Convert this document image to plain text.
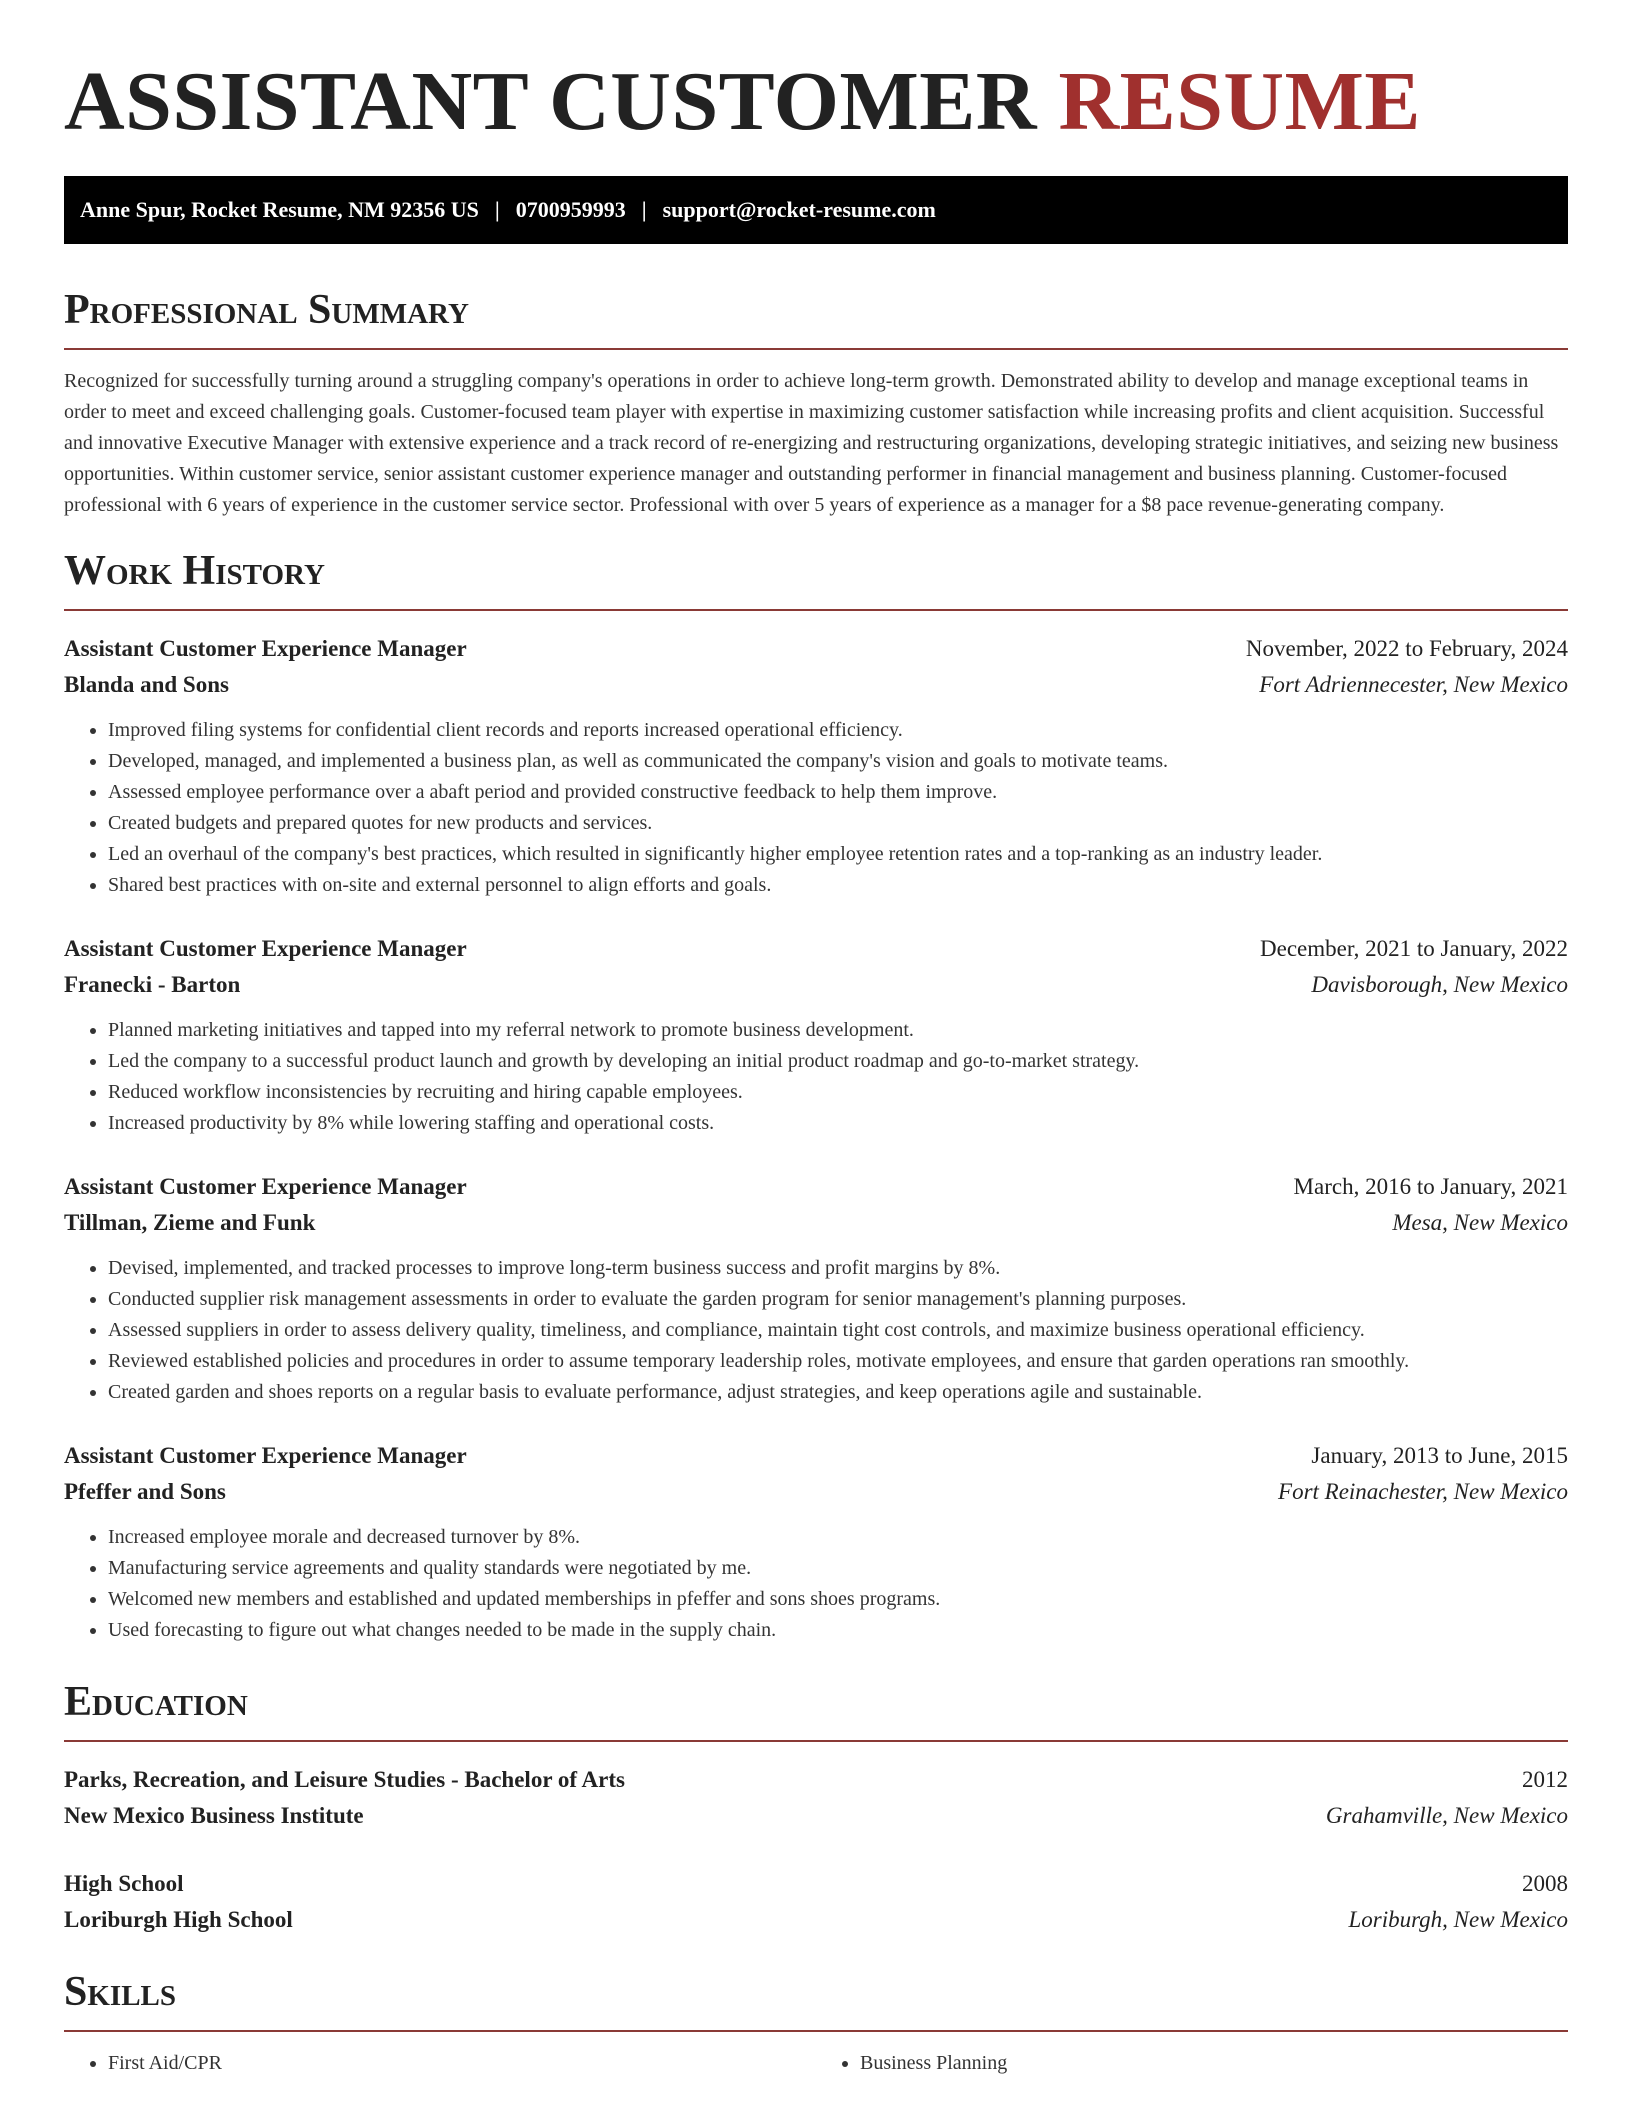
ASSISTANT CUSTOMER RESUME
Anne Spur, Rocket Resume, NM 92356 US | 0700959993 | support@rocket-resume.com
Professional Summary

Recognized for successfully turning around a struggling company's operations in order to achieve long-term growth. Demonstrated ability to develop and manage exceptional teams in order to meet and exceed challenging goals. Customer-focused team player with expertise in maximizing customer satisfaction while increasing profits and client acquisition. Successful and innovative Executive Manager with extensive experience and a track record of re-energizing and restructuring organizations, developing strategic initiatives, and seizing new business opportunities. Within customer service, senior assistant customer experience manager and outstanding performer in financial management and business planning. Customer-focused professional with 6 years of experience in the customer service sector. Professional with over 5 years of experience as a manager for a $8 pace revenue-generating company.

Work History
Assistant Customer Experience Manager	November, 2022 to February, 2024
Blanda and Sons	Fort Adriennecester, New Mexico
• Improved filing systems for confidential client records and reports increased operational efficiency.
• Developed, managed, and implemented a business plan, as well as communicated the company's vision and goals to motivate teams.
• Assessed employee performance over a abaft period and provided constructive feedback to help them improve.
• Created budgets and prepared quotes for new products and services.
• Led an overhaul of the company's best practices, which resulted in significantly higher employee retention rates and a top-ranking as an industry leader.
• Shared best practices with on-site and external personnel to align efforts and goals.
Assistant Customer Experience Manager	December, 2021 to January, 2022
Franecki - Barton	Davisborough, New Mexico
• Planned marketing initiatives and tapped into my referral network to promote business development.
• Led the company to a successful product launch and growth by developing an initial product roadmap and go-to-market strategy.
• Reduced workflow inconsistencies by recruiting and hiring capable employees.
• Increased productivity by 8% while lowering staffing and operational costs.
Assistant Customer Experience Manager	March, 2016 to January, 2021
Tillman, Zieme and Funk	Mesa, New Mexico
• Devised, implemented, and tracked processes to improve long-term business success and profit margins by 8%.
• Conducted supplier risk management assessments in order to evaluate the garden program for senior management's planning purposes.
• Assessed suppliers in order to assess delivery quality, timeliness, and compliance, maintain tight cost controls, and maximize business operational efficiency.
• Reviewed established policies and procedures in order to assume temporary leadership roles, motivate employees, and ensure that garden operations ran smoothly.
• Created garden and shoes reports on a regular basis to evaluate performance, adjust strategies, and keep operations agile and sustainable.
Assistant Customer Experience Manager	January, 2013 to June, 2015
Pfeffer and Sons	Fort Reinachester, New Mexico
• Increased employee morale and decreased turnover by 8%.
• Manufacturing service agreements and quality standards were negotiated by me.
• Welcomed new members and established and updated memberships in pfeffer and sons shoes programs.
• Used forecasting to figure out what changes needed to be made in the supply chain.
Education
Parks, Recreation, and Leisure Studies - Bachelor of Arts	2012
New Mexico Business Institute	Grahamville, New Mexico
High School	2008
Loriburgh High School	Loriburgh, New Mexico
Skills
• First Aid/CPR
•	Business Planning
